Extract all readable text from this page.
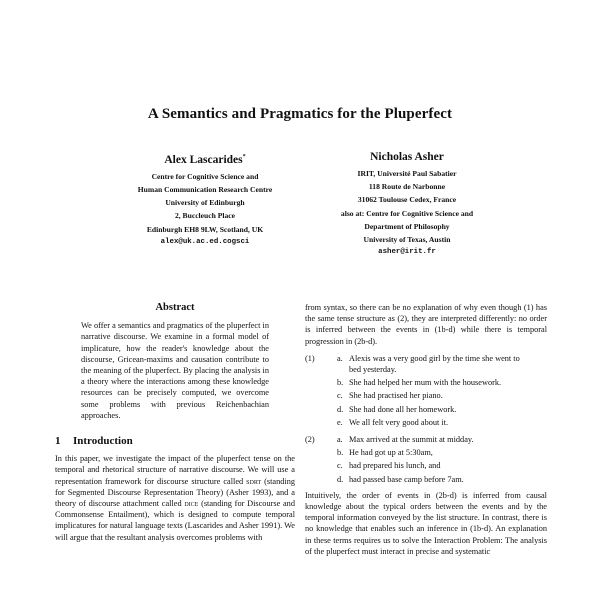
A Semantics and Pragmatics for the Pluperfect
Alex Lascarides*
Centre for Cognitive Science and
Human Communication Research Centre
University of Edinburgh
2, Buccleuch Place
Edinburgh EH8 9LW, Scotland, UK
alex@uk.ac.ed.cogsci
Nicholas Asher
IRIT, Université Paul Sabatier
118 Route de Narbonne
31062 Toulouse Cedex, France
also at: Centre for Cognitive Science and
Department of Philosophy
University of Texas, Austin
asher@irit.fr
Abstract

We offer a semantics and pragmatics of the pluperfect in narrative discourse. We examine in a formal model of implicature, how the reader's knowledge about the discourse, Gricean-maxims and causation contribute to the meaning of the pluperfect. By placing the analysis in a theory where the interactions among these knowledge resources can be precisely computed, we overcome some problems with previous Reichenbachian approaches.

1 Introduction

In this paper, we investigate the impact of the pluperfect tense on the temporal and rhetorical structure of narrative discourse. We will use a representation framework for discourse structure called sdrt (standing for Segmented Discourse Representation Theory) (Asher 1993), and a theory of discourse attachment called dice (standing for Discourse and Commonsense Entailment), which is designed to compute temporal implicatures for natural language texts (Lascarides and Asher 1991). We will argue that the resultant analysis overcomes problems with

from syntax, so there can be no explanation of why even though (1) has the same tense structure as (2), they are interpreted differently: no order is inferred between the events in (1b-d) while there is temporal progression in (2b-d).

(1)	a. Alexis was a very good girl by the time she went to bed yesterday.
b. She had helped her mum with the housework.
c. She had practised her piano.
d. She had done all her homework.
e. We all felt very good about it.
(2)	a. Max arrived at the summit at midday.
b. He had got up at 5:30am,
c. had prepared his lunch, and
d. had passed base camp before 7am.

Intuitively, the order of events in (2b-d) is inferred from causal knowledge about the typical orders between the events and by the temporal information conveyed by the list structure. In contrast, there is no knowledge that enables such an inference in (1b-d). An explanation in these terms requires us to solve the Interaction Problem: The analysis of the pluperfect must interact in precise and systematic
